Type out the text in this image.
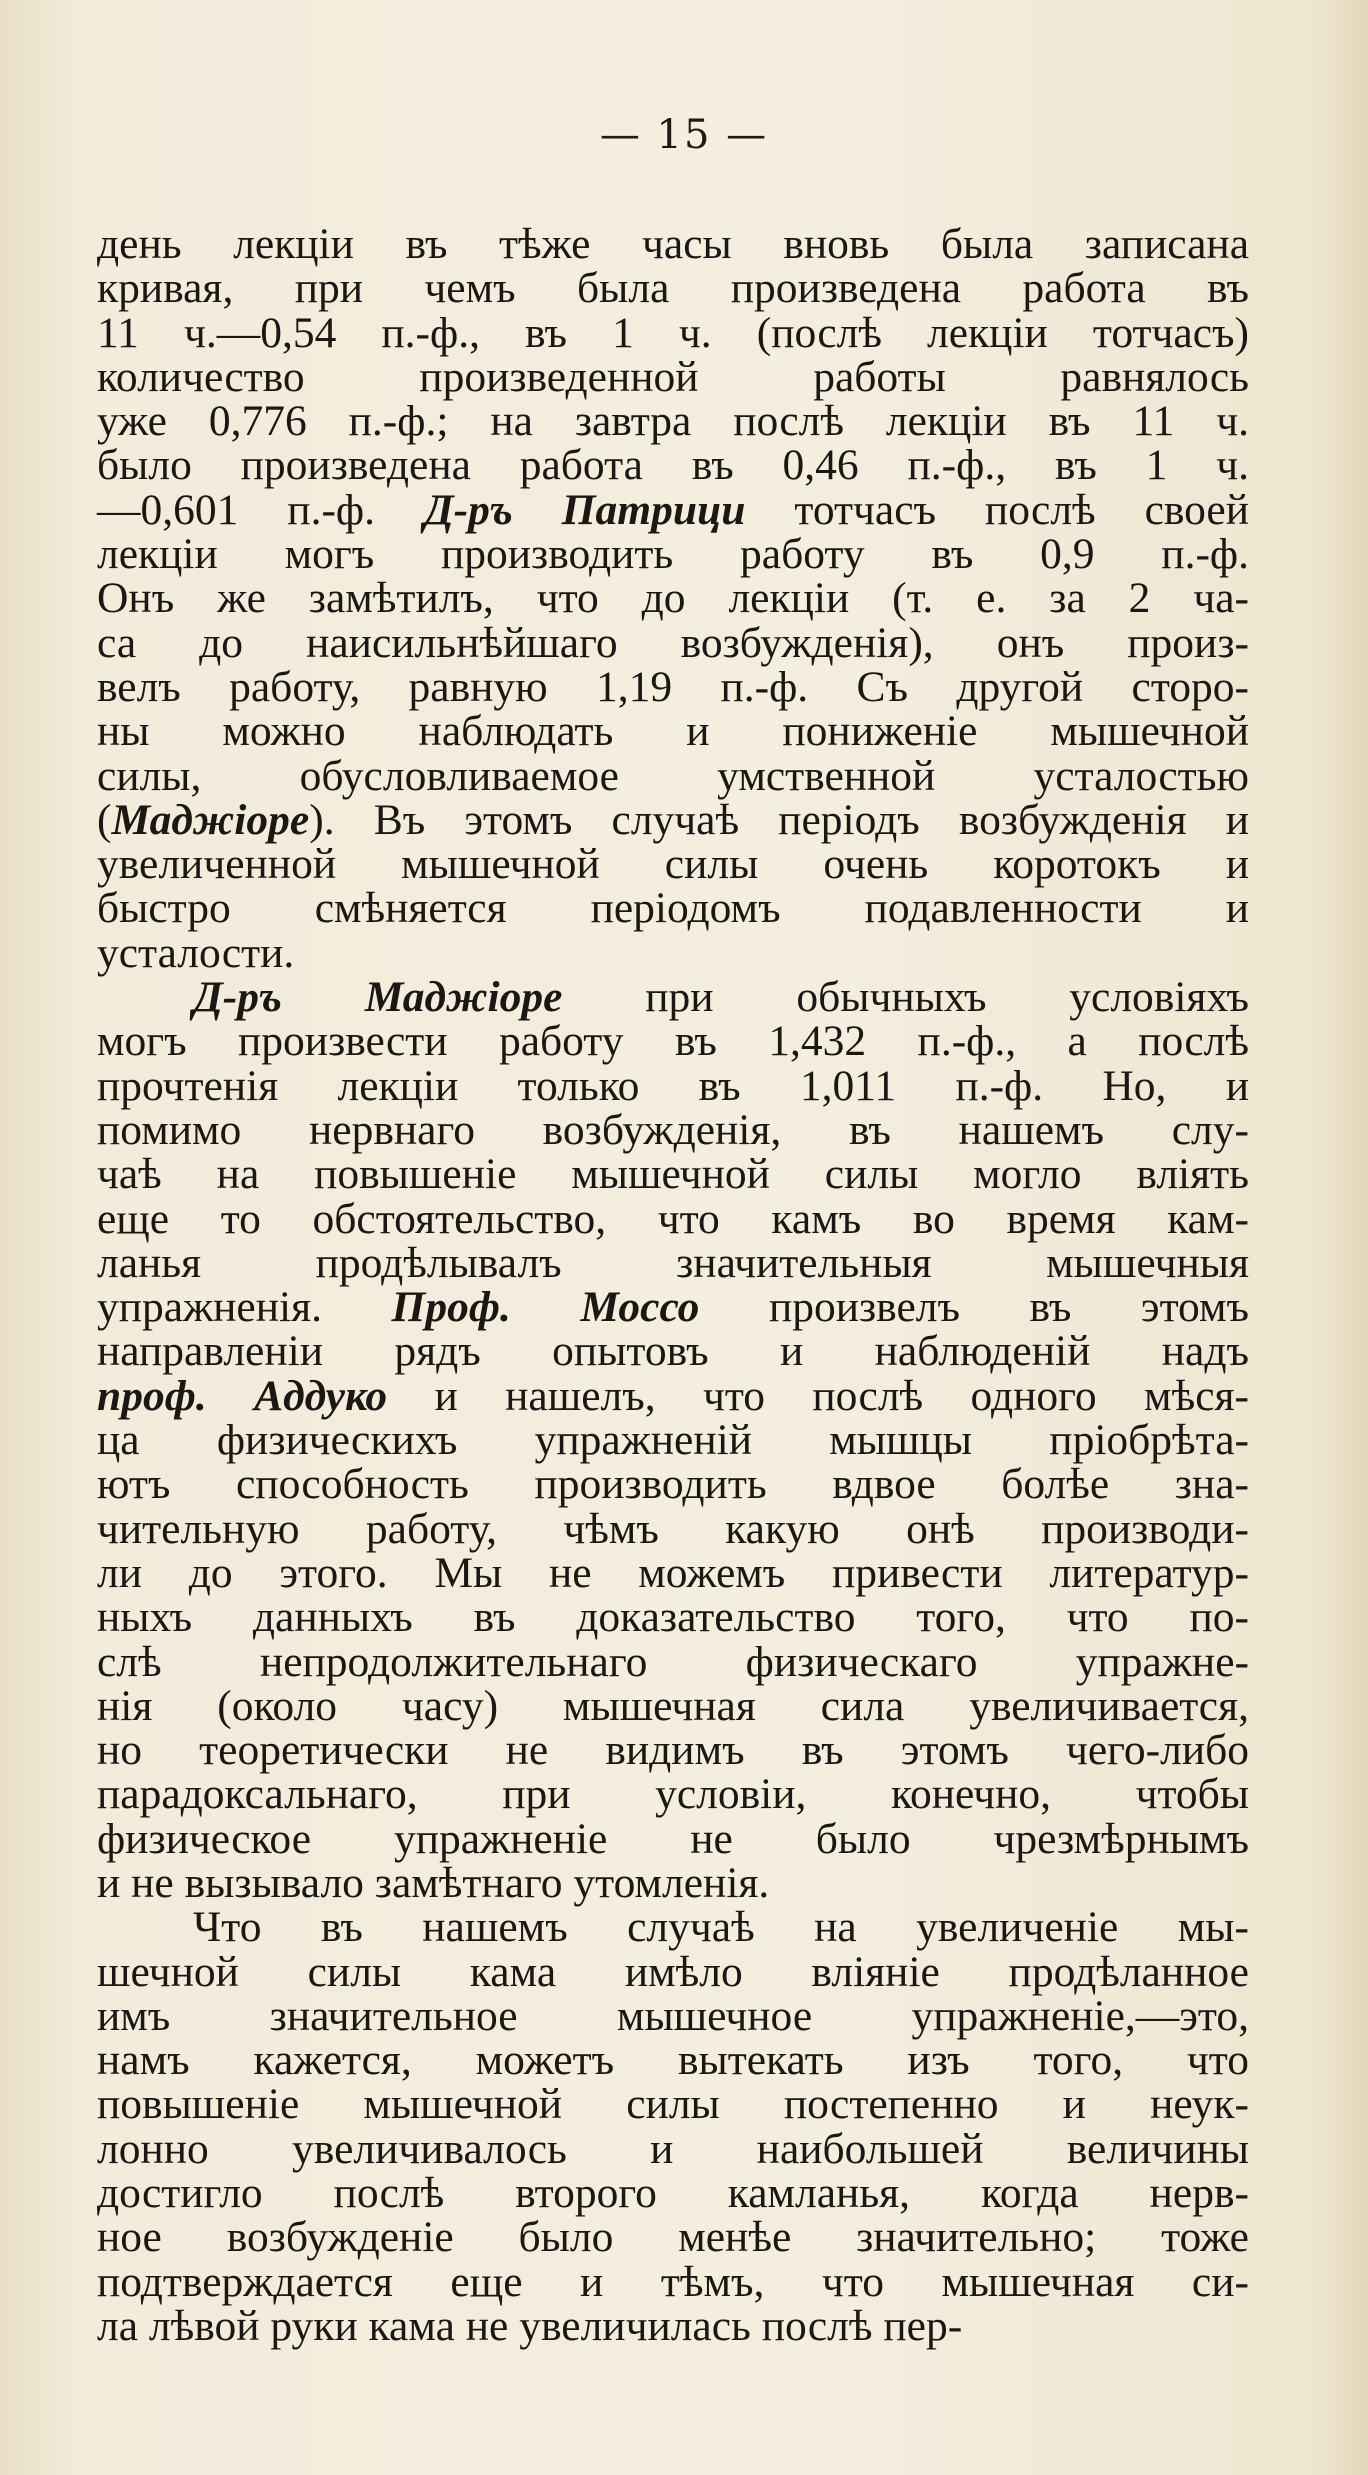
— 15 —
день лекціи въ тѣже часы вновь была записана
кривая, при чемъ была произведена работа въ
11 ч.—0,54 п.-ф., въ 1 ч. (послѣ лекціи тотчасъ)
количество произведенной работы равнялось
уже 0,776 п.-ф.; на завтра послѣ лекціи въ 11 ч.
было произведена работа въ 0,46 п.-ф., въ 1 ч.
—0,601 п.-ф. Д-ръ Патрици тотчасъ послѣ своей
лекціи могъ производить работу въ 0,9 п.-ф.
Онъ же замѣтилъ, что до лекціи (т. е. за 2 ча-
са до наисильнѣйшаго возбужденія), онъ произ-
велъ работу, равную 1,19 п.-ф. Съ другой сторо-
ны можно наблюдать и пониженіе мышечной
силы, обусловливаемое умственной усталостью
(Маджіоре). Въ этомъ случаѣ періодъ возбужденія и
увеличенной мышечной силы очень коротокъ и
быстро смѣняется періодомъ подавленности и
усталости.
Д-ръ Маджіоре при обычныхъ условіяхъ
могъ произвести работу въ 1,432 п.-ф., а послѣ
прочтенія лекціи только въ 1,011 п.-ф. Но, и
помимо нервнаго возбужденія, въ нашемъ слу-
чаѣ на повышеніе мышечной силы могло вліять
еще то обстоятельство, что камъ во время кам-
ланья продѣлывалъ значительныя мышечныя
упражненія. Проф. Моссо произвелъ въ этомъ
направленіи рядъ опытовъ и наблюденій надъ
проф. Аддуко и нашелъ, что послѣ одного мѣся-
ца физическихъ упражненій мышцы пріобрѣта-
ютъ способность производить вдвое болѣе зна-
чительную работу, чѣмъ какую онѣ производи-
ли до этого. Мы не можемъ привести литератур-
ныхъ данныхъ въ доказательство того, что по-
слѣ непродолжительнаго физическаго упражне-
нія (около часу) мышечная сила увеличивается,
но теоретически не видимъ въ этомъ чего-либо
парадоксальнаго, при условіи, конечно, чтобы
физическое упражненіе не было чрезмѣрнымъ
и не вызывало замѣтнаго утомленія.
Что въ нашемъ случаѣ на увеличеніе мы-
шечной силы кама имѣло вліяніе продѣланное
имъ значительное мышечное упражненіе,—это,
намъ кажется, можетъ вытекать изъ того, что
повышеніе мышечной силы постепенно и неук-
лонно увеличивалось и наибольшей величины
достигло послѣ второго камланья, когда нерв-
ное возбужденіе было менѣе значительно; тоже
подтверждается еще и тѣмъ, что мышечная си-
ла лѣвой руки кама не увеличилась послѣ пер-
